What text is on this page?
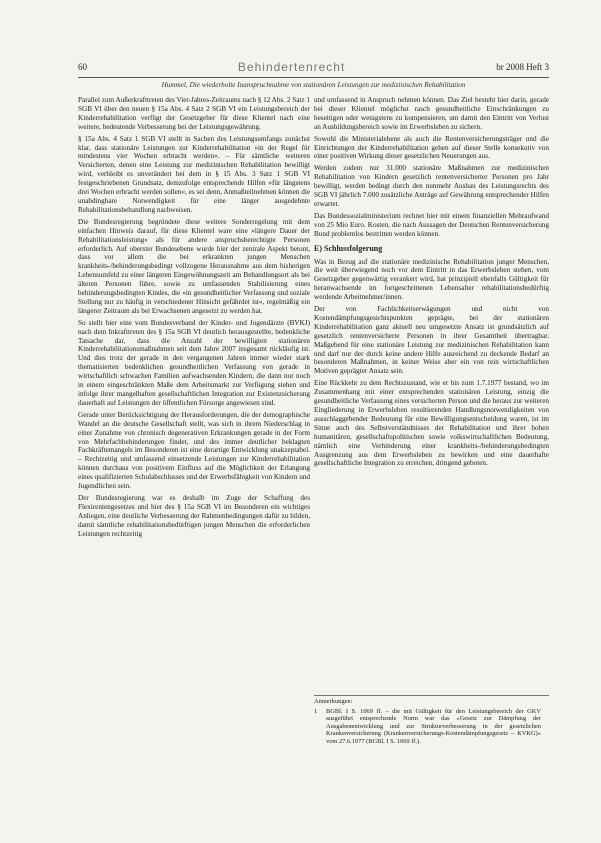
60	Behindertenrecht	br 2008 Heft 3
Hummel, Die wiederholte Inanspruchnahme von stationären Leistungen zur medizinischen Rehabilitation

Parallel zum Außerkrafttreten des Vier-Jahres-Zeitraums nach § 12 Abs. 2 Satz 1 SGB VI über den neuen § 15a Abs. 4 Satz 2 SGB VI ein Leistungsbereich der Kinderrehabilitation verfügt der Gesetzgeber für diese Klientel nach eine weitere, bedeutende Verbesserung bei der Leistungsgewährung.

§ 15a Abs. 4 Satz 1 SGB VI stellt in Sachen des Leistungsumfangs zunächst klar, dass stationäre Leistungen zur Kinderrehabilitation »in der Regel für mindestens vier Wochen erbracht werden«. – Für sämtliche weiteren Versicherten, denen eine Leistung zur medizinischen Rehabilitation bewilligt wird, verbleibt es unverändert bei dem in § 15 Abs. 3 Satz 1 SGB VI festgeschriebenen Grundsatz, demzufolge entsprechende Hilfen »für längstens drei Wochen erbracht werden sollen«, es sei denn, Anmaßteilnehmen können die unabdingbare Notwendigkeit für eine länger ausgedehnte Rehabilitationsbehandlung nachweisen.

Die Bundesregierung begründete diese weitere Sonderregelung mit dem einfachen Hinweis darauf, für diese Klientel ware eine »längere Dauer der Rehabilitationsleistung« als für andere anspruchsberechtigte Personen erforderlich. Auf oberster Bundesebene wurde hier der zentrale Aspekt betont, dass vor allem die bei erkrankten jungen Menschen krankheits-/behinderungsbedingt vollzogene Herausnahme aus dem bisherigen Lebensumfeld zu einer längeren Eingewöhnungszeit am Behandlungsort als bei älteren Personen führe, sowie zu umfassenden Stabilisierung eines behinderungsbedingten Kindes, die »in gesundheitlicher Verfassung und soziale Stellung nur zu häufig in verschiedener Hinsicht gefährdet ist«, regelmäßig ein längerer Zeitraum als bei Erwachsenen angesetzt zu werden hat.

So stellt hier eine vom Bundesverband der Kinder- und Jugendärzte (BVKJ) nach dem Inkrafttreten des § 15a SGB VI deutlich herausgestellte, bedenkliche Tatsache dar, dass die Anzahl der bewilligten stationären Kinderrehabilitationsmaßnahmen seit dem Jahre 2007 insgesamt rückläufig ist. Und dies trotz der gerade in den vergangenen Jahren immer wieder stark thematisierten bedenklichen gesundheitlichen Verfassung von gerade in wirtschaftlich schwachen Familien aufwachsenden Kindern, die dann nur noch in einem eingeschränkten Maße dem Arbeitsmarkt zur Verfügung stehen und infolge ihrer mangelhaften gesellschaftlichen Integration zur Existenzsicherung dauerhaft auf Leistungen der öffentlichen Fürsorge angewiesen sind.

Gerade unter Berücksichtigung der Herausforderungen, die der demographische Wandel an die deutsche Gesellschaft stellt, was sich in ihrem Niederschlag in einer Zunahme von chronisch degenerativen Erkrankungen gerade in der Form von Mehrfachbehinderungen findet, und des immer deutlicher beklagten Fachkräftemangels im Besonderen ist eine derartige Entwicklung unakzeptabel. – Rechtzeitig und umfassend einsetzende Leistungen zur Kinderrehabilitation können durchaus von positivem Einfluss auf die Möglichkeit der Erlangung eines qualifizierten Schulabschlusses und der Erwerbsfähigkeit von Kindern und Jugendlichen sein.

Der Bundesregierung war es deshalb im Zuge der Schaffung des Flexirentengesetzes und hier des § 15a SGB VI im Besonderen ein wichtiges Anliegen, eine deutliche Verbesserung der Rahmenbedingungen dafür zu bilden, damit sämtliche rehabilitationsbedürftigen jungen Menschen die erforderlichen Leistungen rechtzeitig

und umfassend in Anspruch nehmen können. Das Ziel besteht hier darin, gerade bei dieser Klientel möglichst rasch gesundheitliche Einschränkungen zu beseitigen oder wenigstens zu kompensieren, um damit den Eintritt von Verlust an Ausbildungsbereich sowie im Erwerbsleben zu sichern.

Sowohl die Ministerialebene als auch die Rentenversicherungsträger und die Einrichtungen der Kinderrehabilitation gehen auf dieser Stelle konsekutiv von einer positiven Wirkung dieser gesetzlichen Neuerungen aus.

Werden zudem nur 31.000 stationäre Maßnahmen zur medizinischen Rehabilitation von Kindern gesetzlich rentenversicherter Personen pro Jahr bewilligt, werden bedingt durch den nunmehr Ausbau des Leistungsrechts des SGB VI jährlich 7.000 zusätzliche Anträge auf Gewährung entsprechender Hilfen erwartet.

Das Bundessozialministerium rechnet hier mit einem finanziellen Mehraufwand von 25 Mio Euro. Kosten, die nach Aussagen der Deutschen Rentenversicherung Bund problemlos bestritten werden können.

E) Schlussfolgerung

Was in Bezug auf die stationäre medizinische Rehabilitation junger Menschen, die weit überwiegend noch vor dem Eintritt in das Erwerbsleben stehen, vom Gesetzgeber gegenwärtig verankert wird, hat prinzipiell ebenfalls Gültigkeit für heranwachsende im fortgeschrittenen Lebensalter rehabilitationsbedürftig werdende Arbeitnehmer/innen.

Der von Fachlichkeitserwägungen und nicht von Kostendämpfungsgesichtspunkten geprägte, bei der stationären Kinderrehabilitation ganz aktuell neu umgesetzte Ansatz ist grundsätzlich auf gesetzlich rentenversicherte Personen in ihrer Gesamtheit übertragbar. Maßgebend für eine stationäre Leistung zur medizinischen Rehabilitation kann und darf nur der durch keine andere Hilfe ausreichend zu deckende Bedarf an besonderen Maßnahmen, in keiner Weise aber ein von rein wirtschaftlichen Motiven geprägter Ansatz sein.

Eine Rückkehr zu dem Rechtszustand, wie er bis zum 1.7.1977 bestand, wo im Zusammenhang mit einer entsprechenden stationären Leistung, einzig die gesundheitliche Verfassung eines versicherten Person und die heraus zur weiteren Eingliederung in Erwerbsleben resultierenden Handlungsnotwendigkeiten von ausschlaggebender Bedeutung für eine Bewilligungsentscheidung waren, ist im Sinne auch des Selbstverständnisses der Rehabilitation und ihrer hohen humanitären, gesellschaftspolitischen sowie volkswirtschaftlichen Bedeutung, nämlich eine Verhinderung einer krankheits-/behinderungsbedingten Ausgrenzung aus dem Erwerbsleben zu bewirken und eine dauerhafte gesellschaftliche Integration zu erreichen, dringend geboten.

Anmerkungen:
1 BGBl. I S. 1069 ff. – die mit Gültigkeit für den Leistungsbereich der GKV ausgeführt entsprechende Norm war das »Gesetz zur Dämpfung der Ausgabenentwicklung und zur Strukturverbesserung in der gesetzlichen Krankenversicherung (Krankenversicherungs-Kostendämpfungsgesetz – KVKG)« vom 27.6.1977 (BGBl. I S. 1069 ff.).
